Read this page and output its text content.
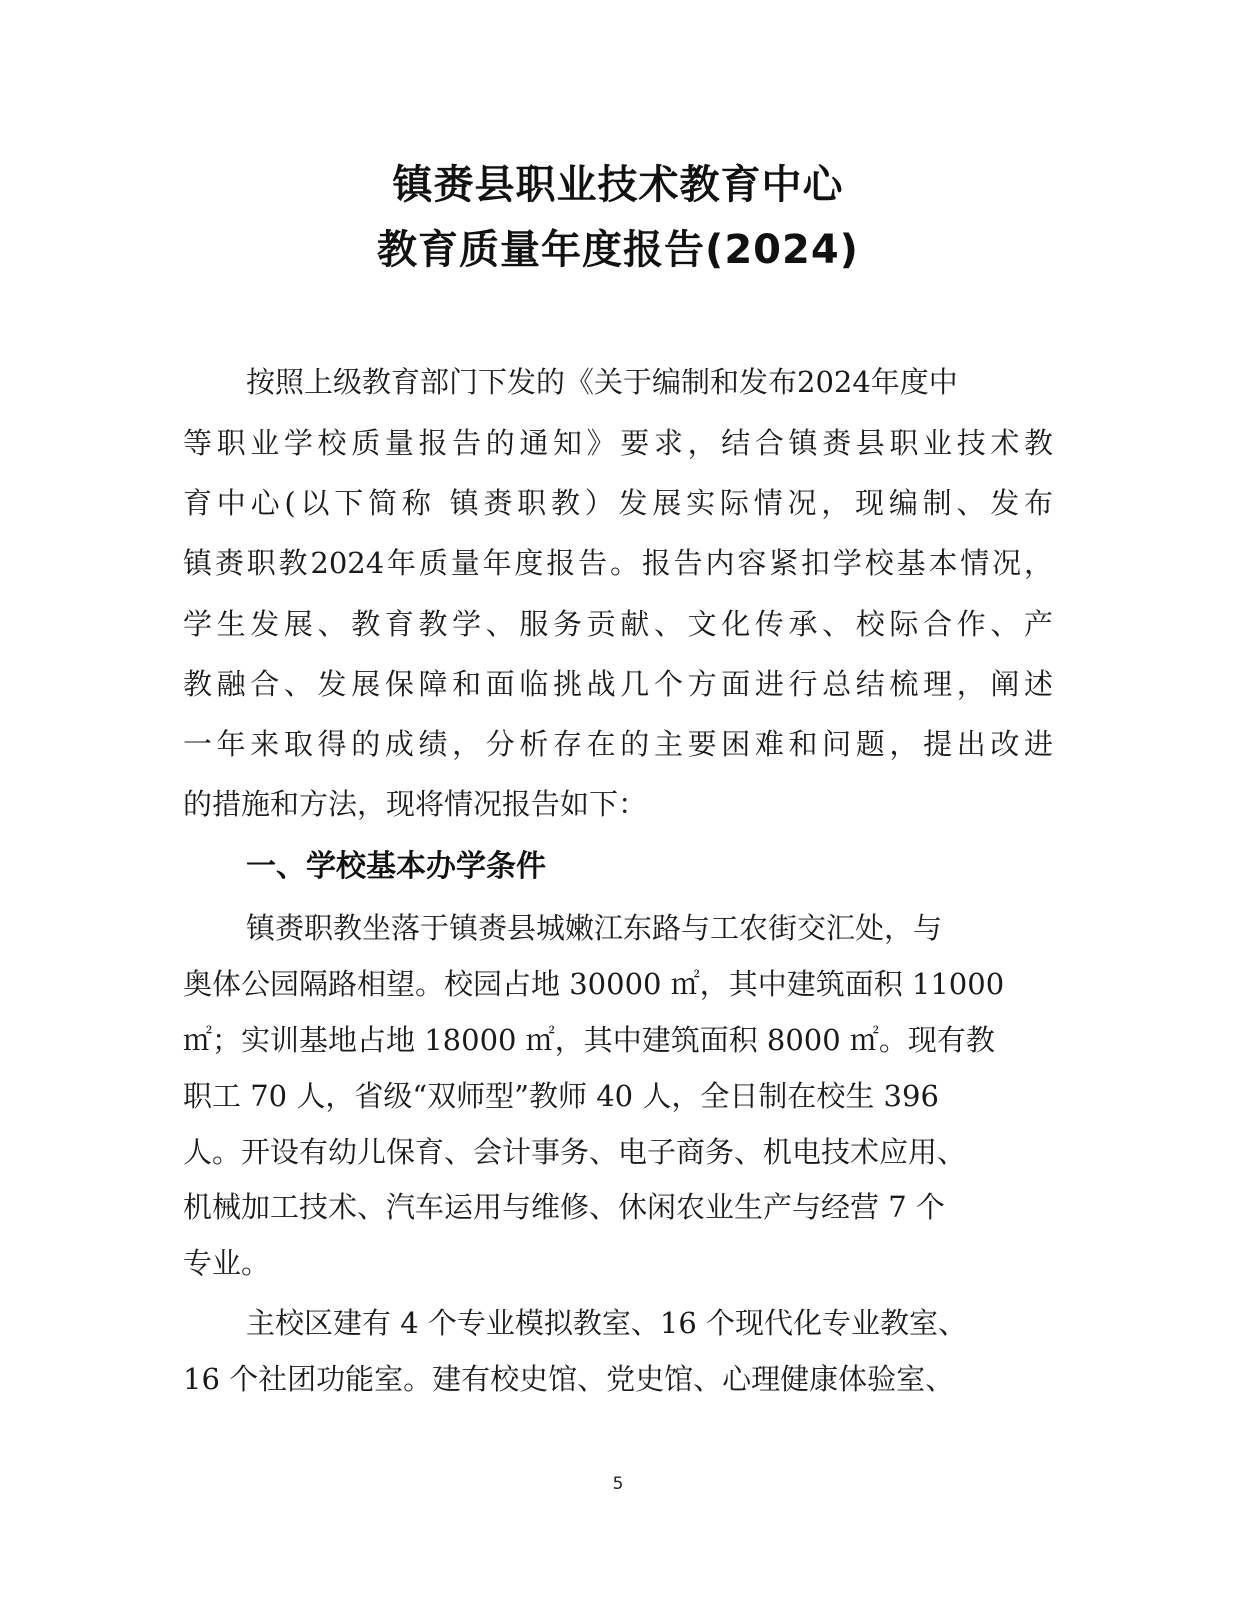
镇赉县职业技术教育中心
教育质量年度报告(2024)
按照上级教育部门下发的《关于编制和发布2024年度中
等职业学校质量报告的通知》要求，结合镇赉县职业技术教
育中心(以下简称 镇赉职教）发展实际情况，现编制、发布
镇赉职教2024年质量年度报告。报告内容紧扣学校基本情况，
学生发展、教育教学、服务贡献、文化传承、校际合作、产
教融合、发展保障和面临挑战几个方面进行总结梳理，阐述
一年来取得的成绩，分析存在的主要困难和问题，提出改进
的措施和方法，现将情况报告如下：
一、学校基本办学条件
镇赉职教坐落于镇赉县城嫩江东路与工农街交汇处，与
奥体公园隔路相望。校园占地 30000 ㎡，其中建筑面积 11000
㎡；实训基地占地 18000 ㎡，其中建筑面积 8000 ㎡。现有教
职工 70 人，省级“双师型”教师 40 人，全日制在校生 396
人。开设有幼儿保育、会计事务、电子商务、机电技术应用、
机械加工技术、汽车运用与维修、休闲农业生产与经营 7 个
专业。
主校区建有 4 个专业模拟教室、16 个现代化专业教室、
16 个社团功能室。建有校史馆、党史馆、心理健康体验室、
5
